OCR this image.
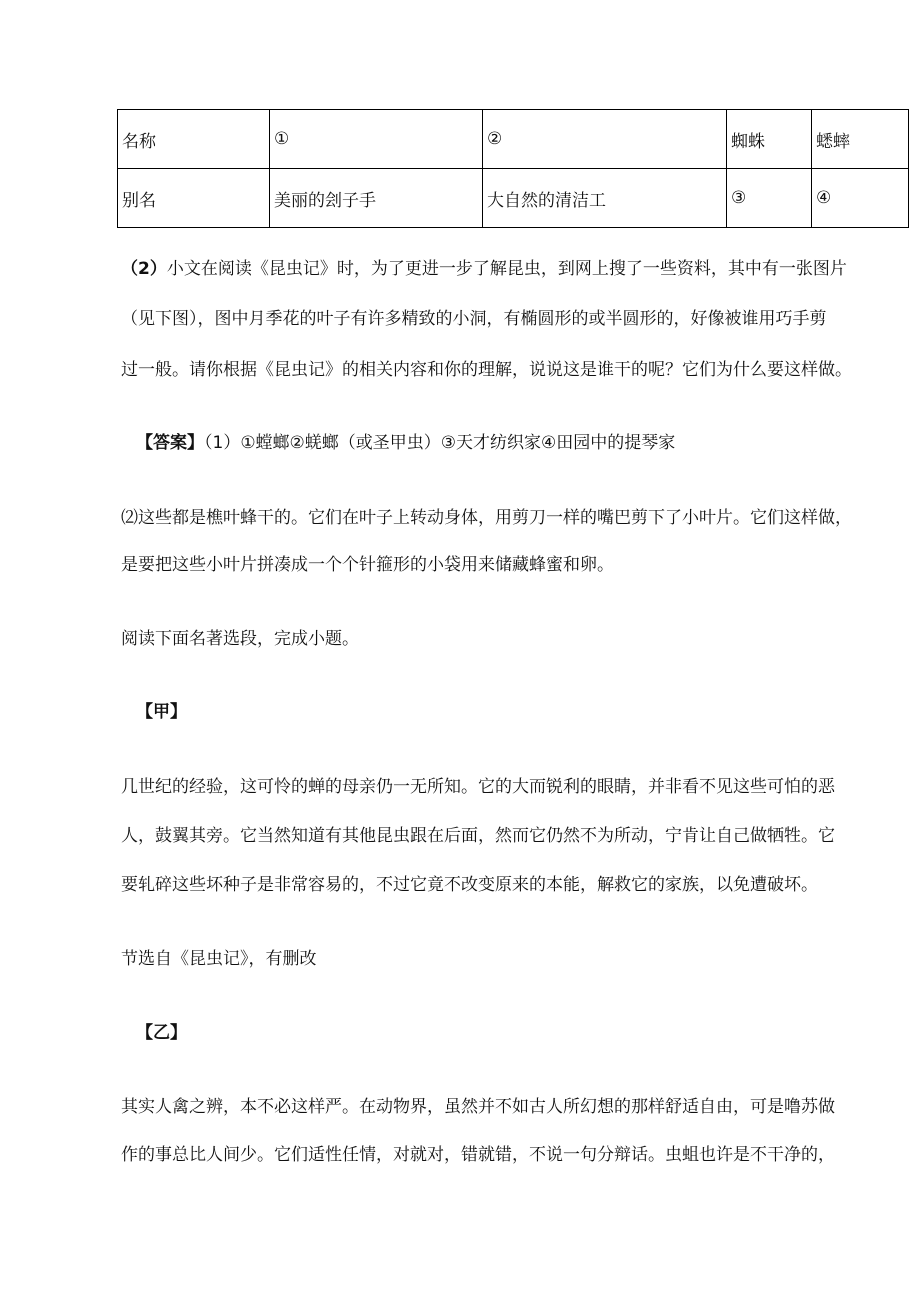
名称	①	②	蜘蛛	蟋蟀
别名	美丽的刽子手	大自然的清洁工	③	④

（2）小文在阅读《昆虫记》时，为了更进一步了解昆虫，到网上搜了一些资料，其中有一张图片

（见下图），图中月季花的叶子有许多精致的小洞，有椭圆形的或半圆形的，好像被谁用巧手剪

过一般。请你根据《昆虫记》的相关内容和你的理解，说说这是谁干的呢？它们为什么要这样做。

【答案】（1）①螳螂②蜣螂（或圣甲虫）③天才纺织家④田园中的提琴家

⑵这些都是樵叶蜂干的。它们在叶子上转动身体，用剪刀一样的嘴巴剪下了小叶片。它们这样做，

是要把这些小叶片拼凑成一个个针箍形的小袋用来储藏蜂蜜和卵。

阅读下面名著选段，完成小题。

【甲】

几世纪的经验，这可怜的蝉的母亲仍一无所知。它的大而锐利的眼睛，并非看不见这些可怕的恶

人，鼓翼其旁。它当然知道有其他昆虫跟在后面，然而它仍然不为所动，宁肯让自己做牺牲。它

要轧碎这些坏种子是非常容易的，不过它竟不改变原来的本能，解救它的家族，以免遭破坏。

节选自《昆虫记》，有删改

【乙】

其实人禽之辨，本不必这样严。在动物界，虽然并不如古人所幻想的那样舒适自由，可是噜苏做

作的事总比人间少。它们适性任情，对就对，错就错，不说一句分辩话。虫蛆也许是不干净的，
